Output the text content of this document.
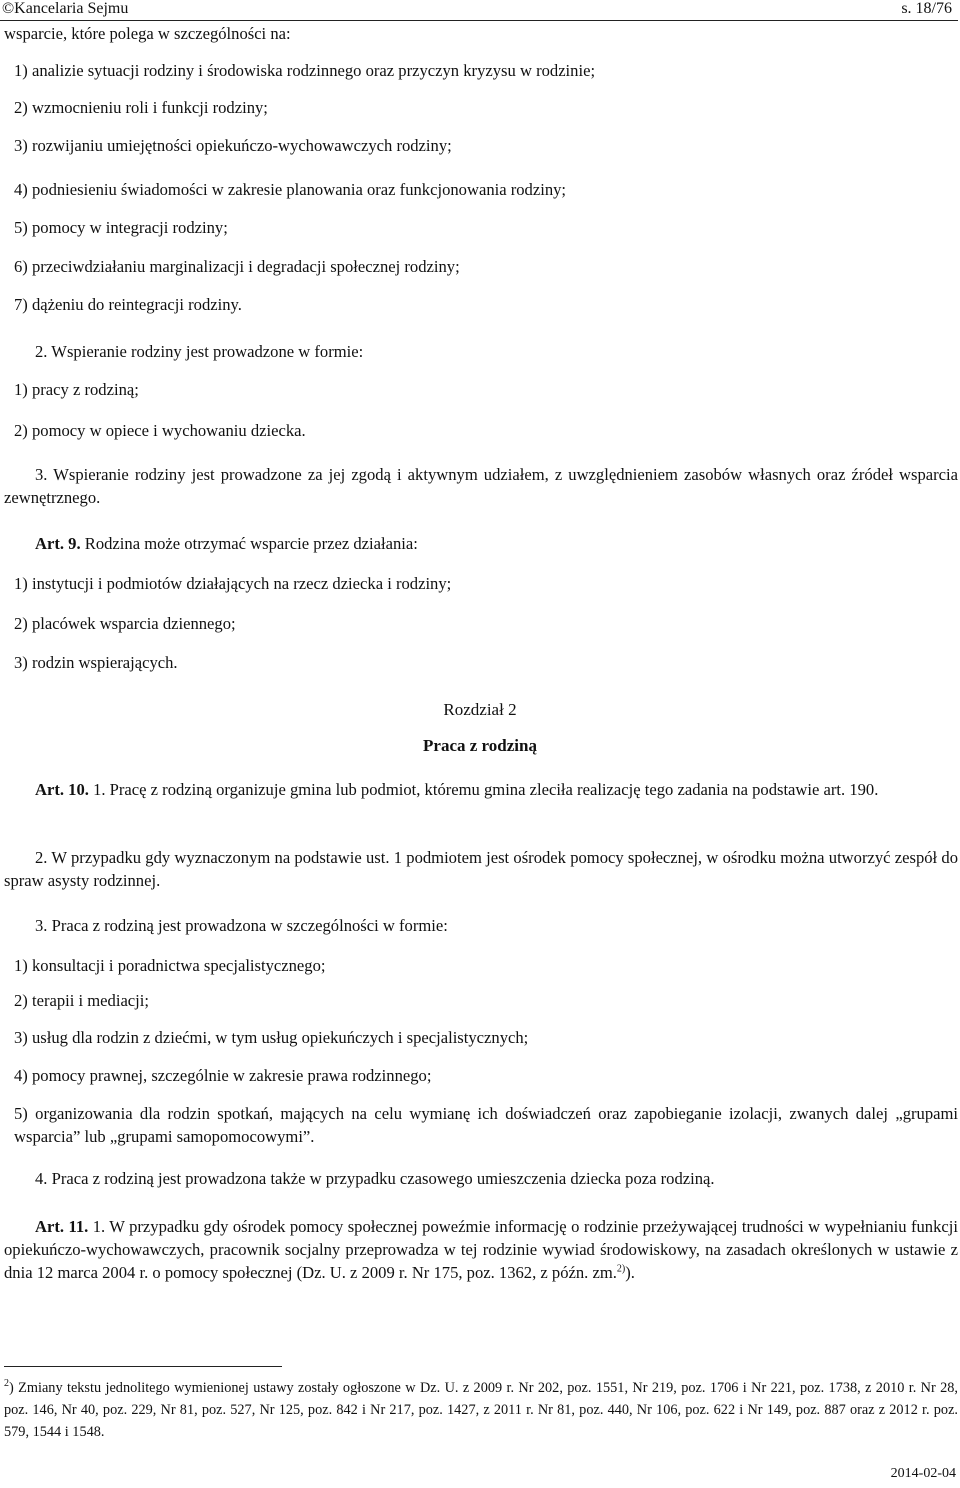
©Kancelaria Sejmu	s. 18/76
wsparcie, które polega w szczególności na:
1) analizie sytuacji rodziny i środowiska rodzinnego oraz przyczyn kryzysu w rodzinie;
2) wzmocnieniu roli i funkcji rodziny;
3) rozwijaniu umiejętności opiekuńczo-wychowawczych rodziny;
4) podniesieniu świadomości w zakresie planowania oraz funkcjonowania rodziny;
5) pomocy w integracji rodziny;
6) przeciwdziałaniu marginalizacji i degradacji społecznej rodziny;
7) dążeniu do reintegracji rodziny.
2. Wspieranie rodziny jest prowadzone w formie:
1) pracy z rodziną;
2) pomocy w opiece i wychowaniu dziecka.
3. Wspieranie rodziny jest prowadzone za jej zgodą i aktywnym udziałem, z uwzględnieniem zasobów własnych oraz źródeł wsparcia zewnętrznego.
Art. 9. Rodzina może otrzymać wsparcie przez działania:
1) instytucji i podmiotów działających na rzecz dziecka i rodziny;
2) placówek wsparcia dziennego;
3) rodzin wspierających.
Rozdział 2
Praca z rodziną
Art. 10. 1. Pracę z rodziną organizuje gmina lub podmiot, któremu gmina zleciła realizację tego zadania na podstawie art. 190.
2. W przypadku gdy wyznaczonym na podstawie ust. 1 podmiotem jest ośrodek pomocy społecznej, w ośrodku można utworzyć zespół do spraw asysty rodzinnej.
3. Praca z rodziną jest prowadzona w szczególności w formie:
1) konsultacji i poradnictwa specjalistycznego;
2) terapii i mediacji;
3) usług dla rodzin z dziećmi, w tym usług opiekuńczych i specjalistycznych;
4) pomocy prawnej, szczególnie w zakresie prawa rodzinnego;
5) organizowania dla rodzin spotkań, mających na celu wymianę ich doświadczeń oraz zapobieganie izolacji, zwanych dalej „grupami wsparcia” lub „grupami samopomocowymi”.
4. Praca z rodziną jest prowadzona także w przypadku czasowego umieszczenia dziecka poza rodziną.
Art. 11. 1. W przypadku gdy ośrodek pomocy społecznej poweźmie informację o rodzinie przeżywającej trudności w wypełnianiu funkcji opiekuńczo-wychowawczych, pracownik socjalny przeprowadza w tej rodzinie wywiad środowiskowy, na zasadach określonych w ustawie z dnia 12 marca 2004 r. o pomocy społecznej (Dz. U. z 2009 r. Nr 175, poz. 1362, z późn. zm.$^{2)}$).
$^2$) Zmiany tekstu jednolitego wymienionej ustawy zostały ogłoszone w Dz. U. z 2009 r. Nr 202, poz. 1551, Nr 219, poz. 1706 i Nr 221, poz. 1738, z 2010 r. Nr 28, poz. 146, Nr 40, poz. 229, Nr 81, poz. 527, Nr 125, poz. 842 i Nr 217, poz. 1427, z 2011 r. Nr 81, poz. 440, Nr 106, poz. 622 i Nr 149, poz. 887 oraz z 2012 r. poz. 579, 1544 i 1548.
2014-02-04
